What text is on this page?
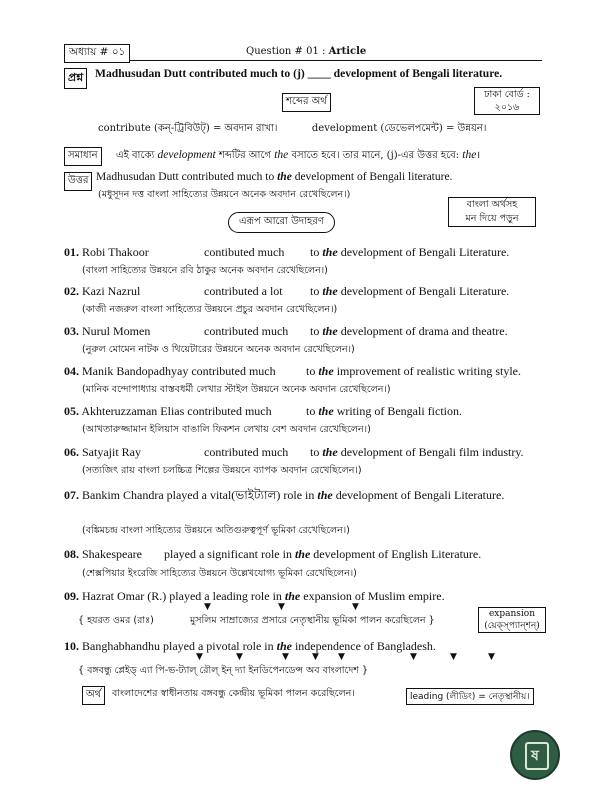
অধ্যায় # ০১	Question # 01 : Article
প্রশ্ন	Madhusudan Dutt contributed much to (j) ____ development of Bengali literature.
শব্দের অর্থ
ঢাকা বোর্ড :
২০১৬
contribute (কন্‌-ট্রিবিউট্‌) = অবদান রাখা।	development (ডেভেলপমেন্ট) = উন্নয়ন।
সমাধান	এই বাক্যে development শব্দটির আগে the বসাতে হবে। তার মানে, (j)-এর উত্তর হবে: the।
উত্তর Madhusudan Dutt contributed much to the development of Bengali literature.
(মধুসূদন দত্ত বাংলা সাহিত্যের উন্নয়নে অনেক অবদান রেখেছিলেন।)
বাংলা অর্থসহ
মন দিয়ে পড়ুন
এরূপ আরো উদাহরণ
01. Robi Thakoor	contibuted much to the development of Bengali Literature.
(বাংলা সাহিত্যের উন্নয়নে রবি ঠাকুর অনেক অবদান রেখেছিলেন।)
02. Kazi Nazrul	contributed a lot to the development of Bengali Literature.
(কাজী নজরুল বাংলা সাহিত্যের উন্নয়নে প্রচুর অবদান রেখেছিলেন।)
03. Nurul Momen	contributed much to the development of drama and theatre.
(নুরুল মোমেন নাটক ও থিয়েটারের উন্নয়নে অনেক অবদান রেখেছিলেন।)
04. Manik Bandopadhyay contributed much	to the improvement of realistic writing style.
(মানিক বন্দোপাধ্যায় বাস্তবধর্মী লেখার স্টাইল উন্নয়নে অনেক অবদান রেখেছিলেন।)
05. Akhteruzzaman Elias contributed much	to the writing of Bengali fiction.
(আখতারুজ্জামান ইলিয়াস বাঙালি ফিকশন লেখায় বেশ অবদান রেখেছিলেন।)
06. Satyajit Ray	contributed much to the development of Bengali film industry.
(সত্যজিৎ রায় বাংলা চলচ্চিত্র শিল্পের উন্নয়নে ব্যাপক অবদান রেখেছিলেন।)
07. Bankim Chandra played a vital(ভাইট্যাল) role in the development of Bengali Literature.
(বঙ্কিমচন্দ্র বাংলা সাহিত্যের উন্নয়নে অতিগুরুত্বপূর্ণ ভূমিকা রেখেছিলেন।)
08. Shakespeare played a significant role in the development of English Literature.
(শেক্সপিয়ার ইংরেজি সাহিত্যের উন্নয়নে উল্লেখযোগ্য ভূমিকা রেখেছিলেন।)
09. Hazrat Omar (R.) played a leading role in the expansion of Muslim empire.
▼	▼	▼
{ হযরত ওমর (রাঃ)	মুসলিম সাম্রাজ্যের প্রসারে নেতৃস্থানীয় ভূমিকা পালন করেছিলেন }
expansion
(য়েক্স্‌প্যান্‌শন্‌)
10. Banghabhandhu played a pivotal role in the independence of Bangladesh.
▼	▼	▼	▼ ▼	▼	▼	▼
{ বঙ্গবন্ধু প্লেইড্‌ এ্যা পি-ভ-ট্যাল্‌ রৌল্‌ ইন্‌ দ্যা ইনডিপেনডেন্স অব বাংলাদেশ }
অর্থ	বাংলাদেশের স্বাধীনতায় বঙ্গবন্ধু কেন্দ্রীয় ভূমিকা পালন করেছিলেন।	leading (লীডিং) = নেতৃস্থানীয়।
ষ
